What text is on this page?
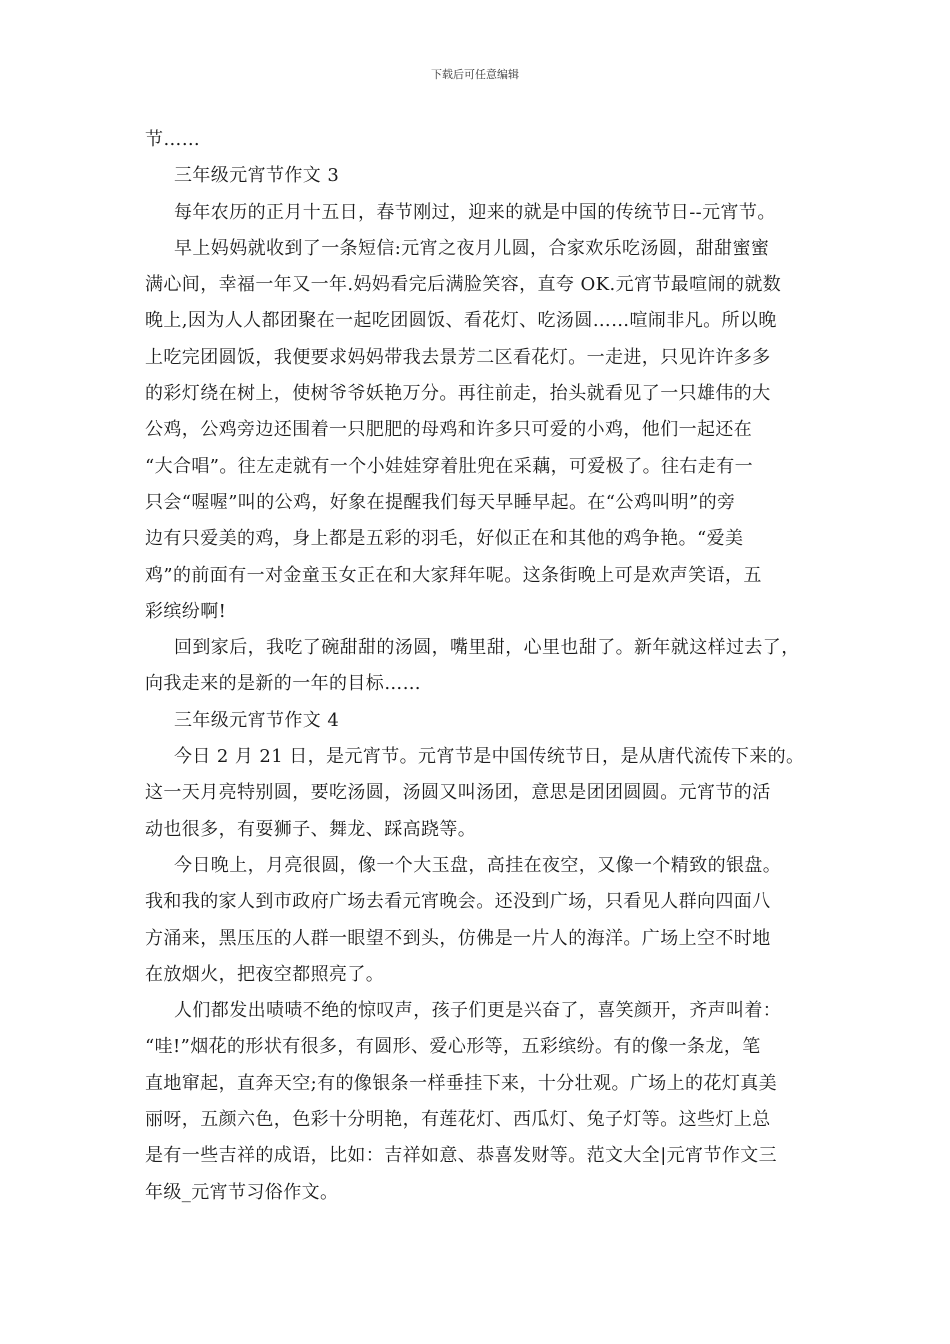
下载后可任意编辑
节……
三年级元宵节作文 3
每年农历的正月十五日，春节刚过，迎来的就是中国的传统节日--元宵节。
早上妈妈就收到了一条短信:元宵之夜月儿圆，合家欢乐吃汤圆，甜甜蜜蜜
满心间，幸福一年又一年.妈妈看完后满脸笑容，直夸 OK.元宵节最喧闹的就数
晚上,因为人人都团聚在一起吃团圆饭、看花灯、吃汤圆……喧闹非凡。所以晚
上吃完团圆饭，我便要求妈妈带我去景芳二区看花灯。一走进，只见许许多多
的彩灯绕在树上，使树爷爷妖艳万分。再往前走，抬头就看见了一只雄伟的大
公鸡，公鸡旁边还围着一只肥肥的母鸡和许多只可爱的小鸡，他们一起还在
“大合唱”。往左走就有一个小娃娃穿着肚兜在采藕，可爱极了。往右走有一
只会“喔喔”叫的公鸡，好象在提醒我们每天早睡早起。在“公鸡叫明”的旁
边有只爱美的鸡，身上都是五彩的羽毛，好似正在和其他的鸡争艳。“爱美
鸡”的前面有一对金童玉女正在和大家拜年呢。这条街晚上可是欢声笑语，五
彩缤纷啊!
回到家后，我吃了碗甜甜的汤圆，嘴里甜，心里也甜了。新年就这样过去了，
向我走来的是新的一年的目标……
三年级元宵节作文 4
今日 2 月 21 日，是元宵节。元宵节是中国传统节日，是从唐代流传下来的。
这一天月亮特别圆，要吃汤圆，汤圆又叫汤团，意思是团团圆圆。元宵节的活
动也很多，有耍狮子、舞龙、踩高跷等。
今日晚上，月亮很圆，像一个大玉盘，高挂在夜空，又像一个精致的银盘。
我和我的家人到市政府广场去看元宵晚会。还没到广场，只看见人群向四面八
方涌来，黑压压的人群一眼望不到头，仿佛是一片人的海洋。广场上空不时地
在放烟火，把夜空都照亮了。
人们都发出啧啧不绝的惊叹声，孩子们更是兴奋了，喜笑颜开，齐声叫着：
“哇!”烟花的形状有很多，有圆形、爱心形等，五彩缤纷。有的像一条龙，笔
直地窜起，直奔天空;有的像银条一样垂挂下来，十分壮观。广场上的花灯真美
丽呀，五颜六色，色彩十分明艳，有莲花灯、西瓜灯、兔子灯等。这些灯上总
是有一些吉祥的成语，比如：吉祥如意、恭喜发财等。范文大全|元宵节作文三
年级_元宵节习俗作文。
